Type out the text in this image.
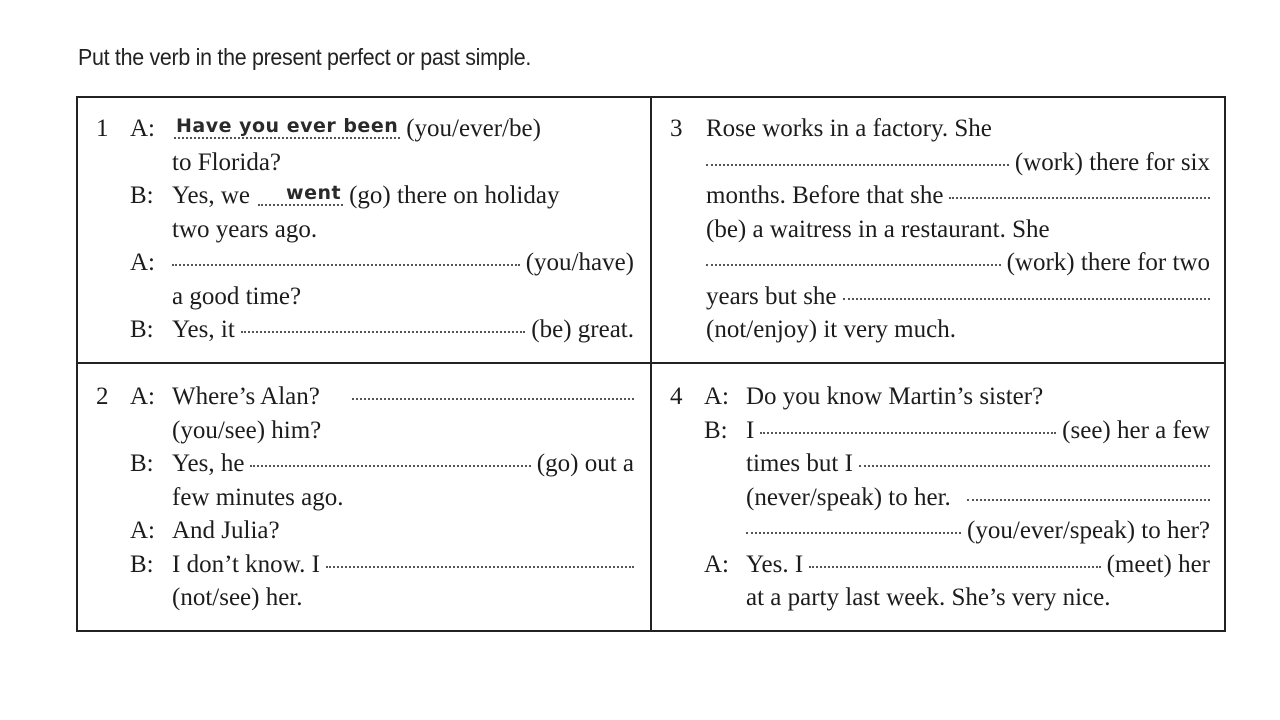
Put the verb in the present perfect or past simple.
1 A: Have you ever been (you/ever/be)
to Florida?
B: Yes, we	went (go) there on holiday
two years ago.
A:	(you/have)
a good time?
B: Yes, it	(be) great.
3 Rose works in a factory. She
(work) there for six
months. Before that she
(be) a waitress in a restaurant. She
(work) there for two
years but she
(not/enjoy) it very much.
2 A: Where’s Alan?
(you/see) him?
B: Yes, he	(go) out a
few minutes ago.
A: And Julia?
B: I don’t know. I
(not/see) her.
4 A: Do you know Martin’s sister?
B: I	(see) her a few
times but I
(never/speak) to her.
(you/ever/speak) to her?
A: Yes. I	(meet) her
at a party last week. She’s very nice.
